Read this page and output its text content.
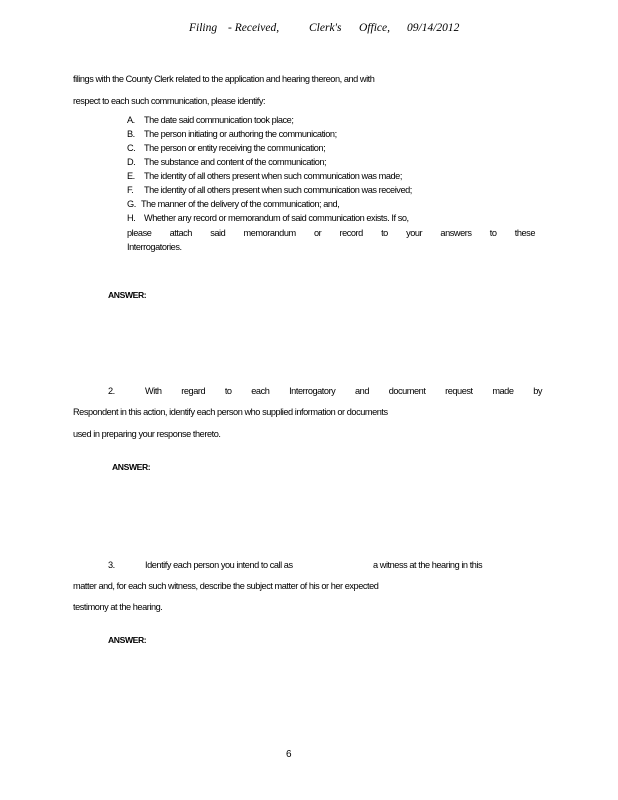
Filing - Received,	Clerk's Office, 09/14/2012
filings with the County Clerk related to the application and hearing thereon, and with
respect to each such communication, please identify:
A. The date said communication took place;
B. The person initiating or authoring the communication;
C. The person or entity receiving the communication;
D. The substance and content of the communication;
E. The identity of all others present when such communication was made;
F. The identity of all others present when such communication was received;
G. The manner of the delivery of the communication; and,
H. Whether any record or memorandum of said communication exists. If so,
please attach said memorandum or record to your answers to these
Interrogatories.
ANSWER:
2.	With regard to each Interrogatory and document request made by
Respondent in this action, identify each person who supplied information or documents
used in preparing your response thereto.
ANSWER:
3.	Identify each person you intend to call as	a witness at the hearing in this
matter and, for each such witness, describe the subject matter of his or her expected
testimony at the hearing.
ANSWER:
6
